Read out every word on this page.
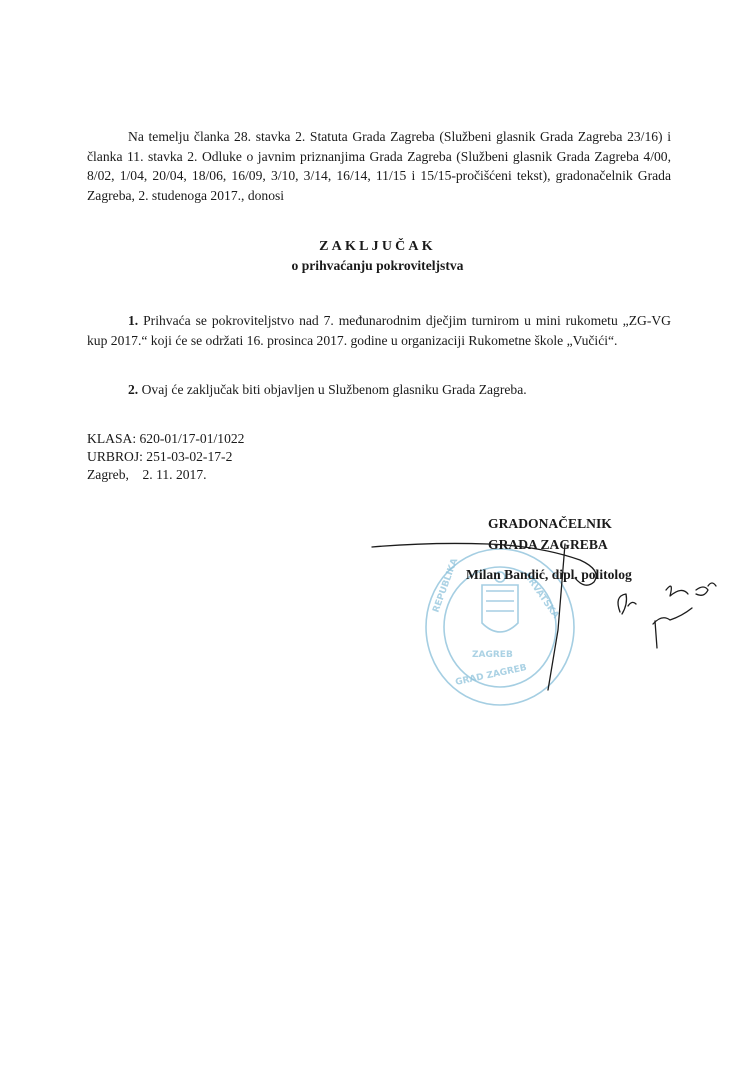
Na temelju članka 28. stavka 2. Statuta Grada Zagreba (Službeni glasnik Grada Zagreba 23/16) i članka 11. stavka 2. Odluke o javnim priznanjima Grada Zagreba (Službeni glasnik Grada Zagreba 4/00, 8/02, 1/04, 20/04, 18/06, 16/09, 3/10, 3/14, 16/14, 11/15 i 15/15-pročišćeni tekst), gradonačelnik Grada Zagreba, 2. studenoga 2017., donosi
ZAKLJUČAK
o prihvaćanju pokroviteljstva
1. Prihvaća se pokroviteljstvo nad 7. međunarodnim dječjim turnirom u mini rukometu „ZG-VG kup 2017.“ koji će se održati 16. prosinca 2017. godine u organizaciji Rukometne škole „Vučići“.
2. Ovaj će zaključak biti objavljen u Službenom glasniku Grada Zagreba.
KLASA: 620-01/17-01/1022
URBROJ: 251-03-02-17-2
Zagreb,    2. 11. 2017.
REPUBLIKA	HRVATSKA
ZAGREB
GRAD ZAGREB
GRADONAČELNIK
GRADA ZAGREBA
Milan Bandić, dipl. politolog
